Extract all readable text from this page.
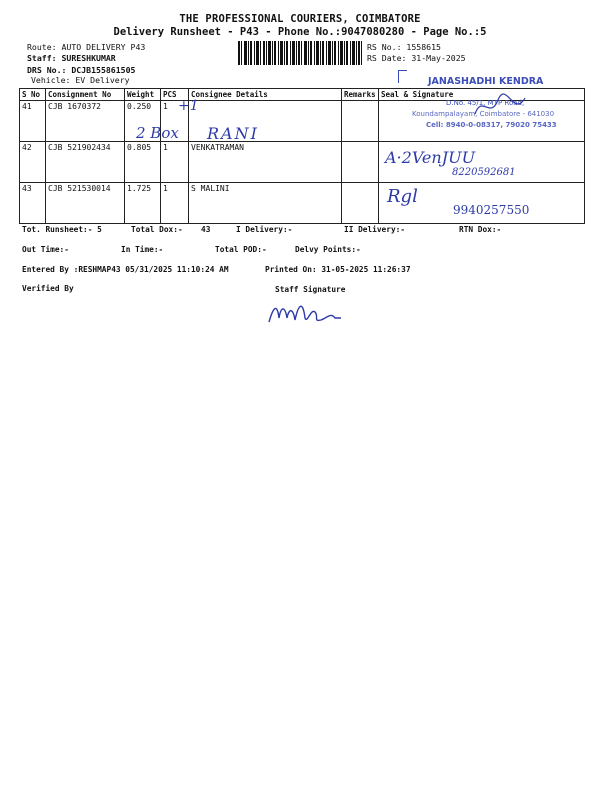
THE PROFESSIONAL COURIERS, COIMBATORE
Delivery Runsheet - P43 - Phone No.:9047080280 - Page No.:5
Route: AUTO DELIVERY P43
Staff: SURESHKUMAR
DRS No.: DCJB155861505
Vehicle: EV Delivery
RS No.: 1558615
RS Date: 31-May-2025
S No	Consignment No	Weight	PCS	Consignee Details	Remarks	Seal & Signature
41	CJB 1670372	0.250	1			
42	CJB 521902434	0.805	1	VENKATRAMAN		
43	CJB 521530014	1.725	1	S MALINI		
+1
2 Box RANI
JANASHADHI KENDRA
D.No. 45/1, MTP Road,
Koundampalayam, Coimbatore - 641030
Cell: 8940-0-08317, 79020 75433
A·2VenJUU
8220592681
Rgl
9940257550
Tot. Runsheet:- 5	Total Dox:- 43	I Delivery:-	II Delivery:-	RTN Dox:-
Out Time:-	In Time:-	Total POD:-	Delvy Points:-
Entered By :RESHMAP43 05/31/2025 11:10:24 AM	Printed On: 31-05-2025 11:26:37
Verified By	Staff Signature
